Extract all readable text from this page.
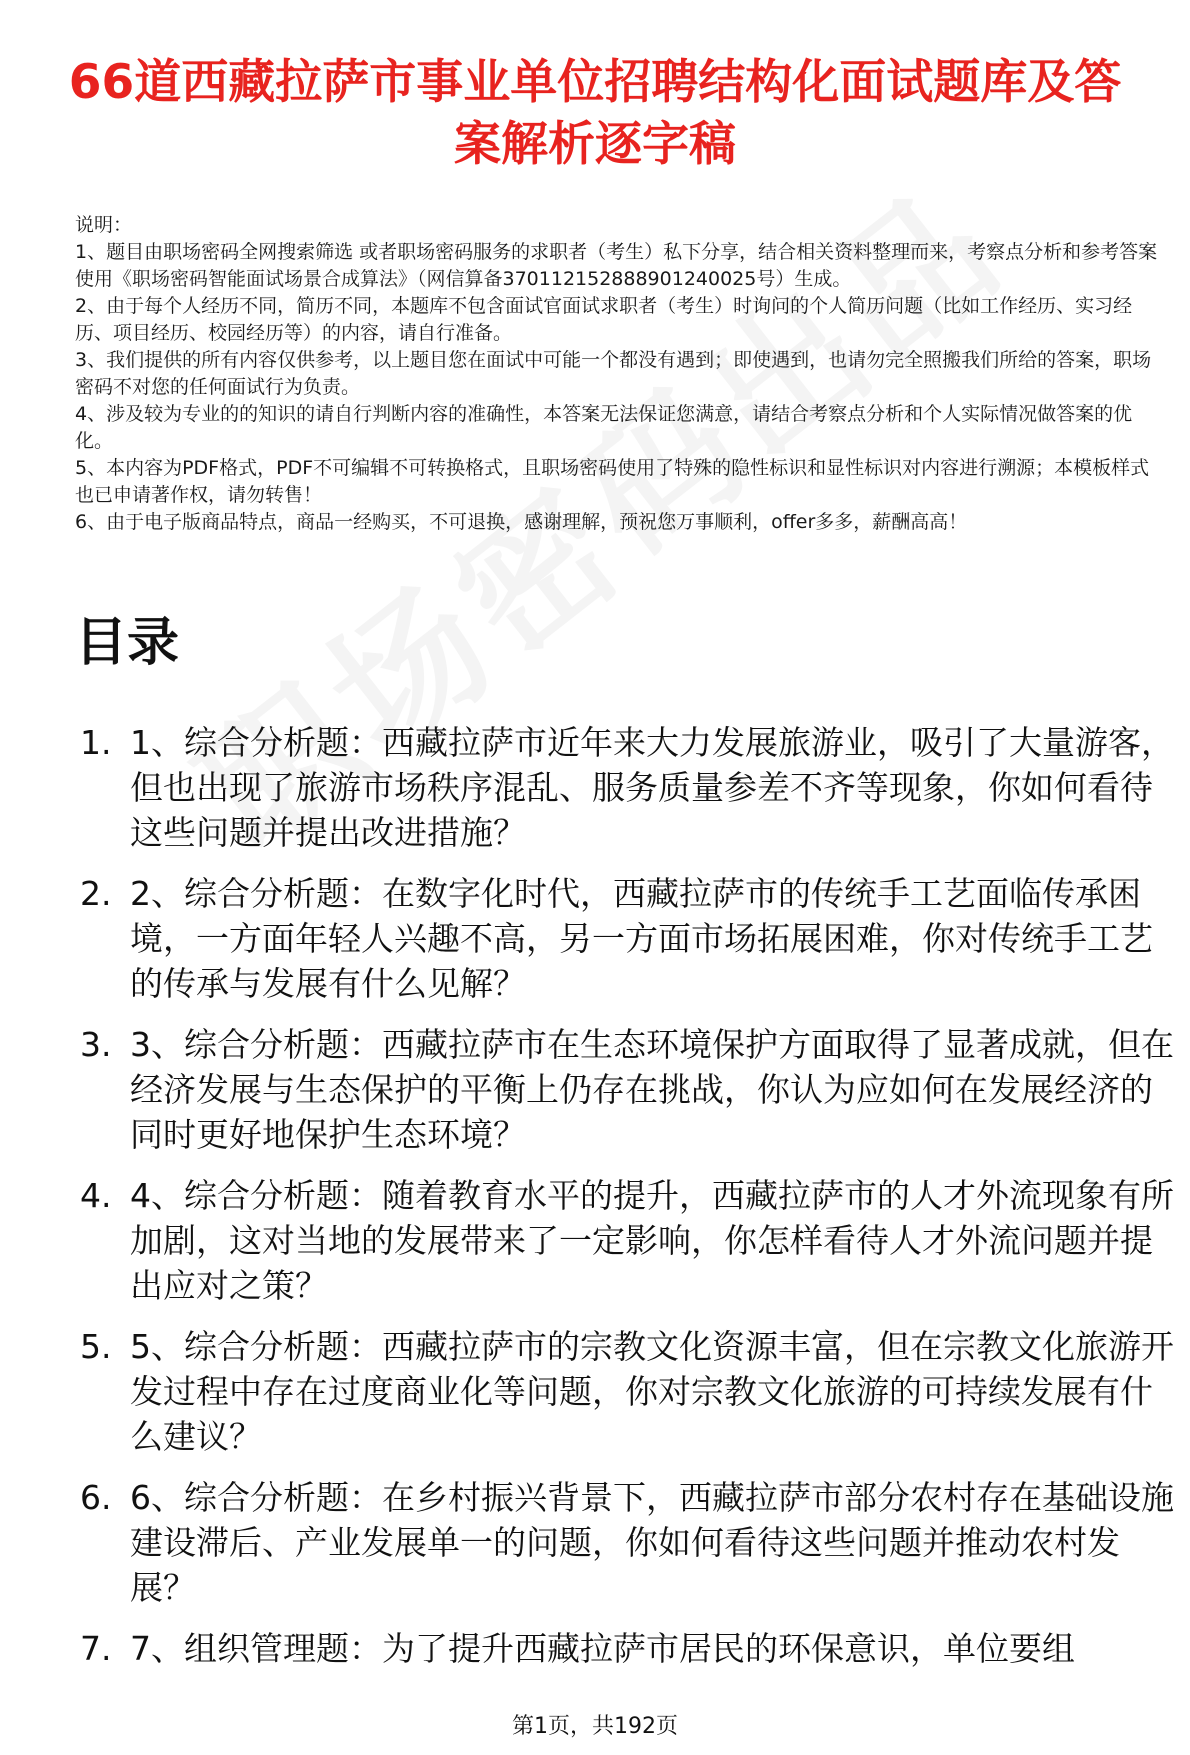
66道西藏拉萨市事业单位招聘结构化面试题库及答案解析逐字稿

说明：

1、题目由职场密码全网搜索筛选 或者职场密码服务的求职者（考生）私下分享，结合相关资料整理而来，考察点分析和参考答案使用《职场密码智能面试场景合成算法》（网信算备370112152888901240025号）生成。

2、由于每个人经历不同，简历不同，本题库不包含面试官面试求职者（考生）时询问的个人简历问题（比如工作经历、实习经历、项目经历、校园经历等）的内容，请自行准备。

3、我们提供的所有内容仅供参考，以上题目您在面试中可能一个都没有遇到；即使遇到，也请勿完全照搬我们所给的答案，职场密码不对您的任何面试行为负责。

4、涉及较为专业的的知识的请自行判断内容的准确性，本答案无法保证您满意，请结合考察点分析和个人实际情况做答案的优化。

5、本内容为PDF格式，PDF不可编辑不可转换格式，且职场密码使用了特殊的隐性标识和显性标识对内容进行溯源；本模板样式也已申请著作权，请勿转售！

6、由于电子版商品特点，商品一经购买，不可退换，感谢理解，预祝您万事顺利，offer多多，薪酬高高！

目录
1. 1、综合分析题：西藏拉萨市近年来大力发展旅游业，吸引了大量游客，但也出现了旅游市场秩序混乱、服务质量参差不齐等现象，你如何看待这些问题并提出改进措施？
2. 2、综合分析题：在数字化时代，西藏拉萨市的传统手工艺面临传承困境，一方面年轻人兴趣不高，另一方面市场拓展困难，你对传统手工艺的传承与发展有什么见解？
3. 3、综合分析题：西藏拉萨市在生态环境保护方面取得了显著成就，但在经济发展与生态保护的平衡上仍存在挑战，你认为应如何在发展经济的同时更好地保护生态环境？
4. 4、综合分析题：随着教育水平的提升，西藏拉萨市的人才外流现象有所加剧，这对当地的发展带来了一定影响，你怎样看待人才外流问题并提出应对之策？
5. 5、综合分析题：西藏拉萨市的宗教文化资源丰富，但在宗教文化旅游开发过程中存在过度商业化等问题，你对宗教文化旅游的可持续发展有什么建议？
6. 6、综合分析题：在乡村振兴背景下，西藏拉萨市部分农村存在基础设施建设滞后、产业发展单一的问题，你如何看待这些问题并推动农村发展？
7. 7、组织管理题：为了提升西藏拉萨市居民的环保意识，单位要组
第1页，共192页
